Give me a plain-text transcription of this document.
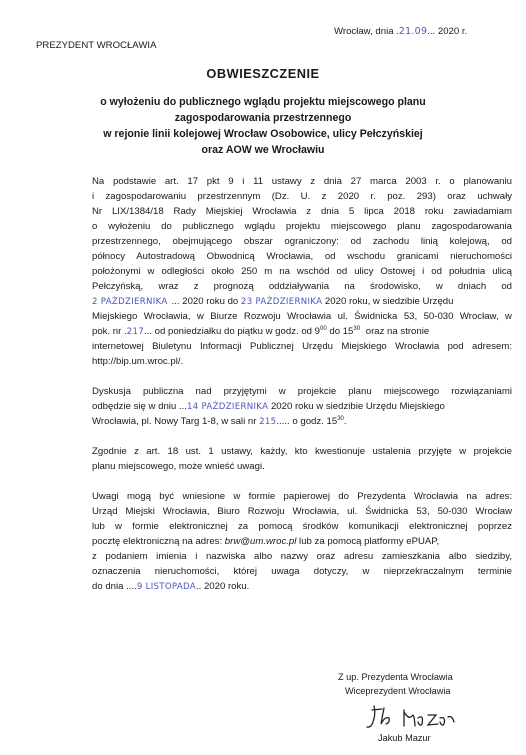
Wrocław, dnia .21.09... 2020 r.
PREZYDENT WROCŁAWIA
OBWIESZCZENIE
o wyłożeniu do publicznego wglądu projektu miejscowego planu
zagospodarowania przestrzennego
w rejonie linii kolejowej Wrocław Osobowice, ulicy Pełczyńskiej
oraz AOW we Wrocławiu
Na podstawie art. 17 pkt 9 i 11 ustawy z dnia 27 marca 2003 r. o planowaniu
i zagospodarowaniu przestrzennym (Dz. U. z 2020 r. poz. 293) oraz uchwały
Nr LIX/1384/18 Rady Miejskiej Wrocławia z dnia 5 lipca 2018 roku zawiadamiam
o wyłożeniu do publicznego wglądu projektu miejscowego planu zagospodarowania
przestrzennego, obejmującego obszar ograniczony: od zachodu linią kolejową, od
północy Autostradową Obwodnicą Wrocławia, od wschodu granicami nieruchomości
położonymi w odległości około 250 m na wschód od ulicy Ostowej i od południa ulicą
Pełczyńską, wraz z prognozą oddziaływania na środowisko, w dniach od
2 PAŹDZIERNIKA ... 2020 roku do 23 PAŹDZIERNIKA 2020 roku, w siedzibie Urzędu
Miejskiego Wrocławia, w Biurze Rozwoju Wrocławia ul. Świdnicka 53, 50-030 Wrocław, w
pok. nr .217... od poniedziałku do piątku w godz. od $9^{00}$ do $15^{30}$ oraz na stronie
internetowej Biuletynu Informacji Publicznej Urzędu Miejskiego Wrocławia pod adresem:
http://bip.um.wroc.pl/.
Dyskusja publiczna nad przyjętymi w projekcie planu miejscowego rozwiązaniami
odbędzie się w dniu ...14 PAŹDZIERNIKA 2020 roku w siedzibie Urzędu Miejskiego
Wrocławia, pl. Nowy Targ 1-8, w sali nr 215..... o godz. $15^{30}$.
Zgodnie z art. 18 ust. 1 ustawy, każdy, kto kwestionuje ustalenia przyjęte w projekcie
planu miejscowego, może wnieść uwagi.
Uwagi mogą być wniesione w formie papierowej do Prezydenta Wrocławia na adres:
Urząd Miejski Wrocławia, Biuro Rozwoju Wrocławia, ul. Świdnicka 53, 50-030 Wrocław
lub w formie elektronicznej za pomocą środków komunikacji elektronicznej poprzez
pocztę elektroniczną na adres: brw@um.wroc.pl lub za pomocą platformy ePUAP,
z podaniem imienia i nazwiska albo nazwy oraz adresu zamieszkania albo siedziby,
oznaczenia nieruchomości, której uwaga dotyczy, w nieprzekraczalnym terminie
do dnia ....9 LISTOPADA.. 2020 roku.
Z up. Prezydenta Wrocławia
Wiceprezydent Wrocławia
Jakub Mazur
